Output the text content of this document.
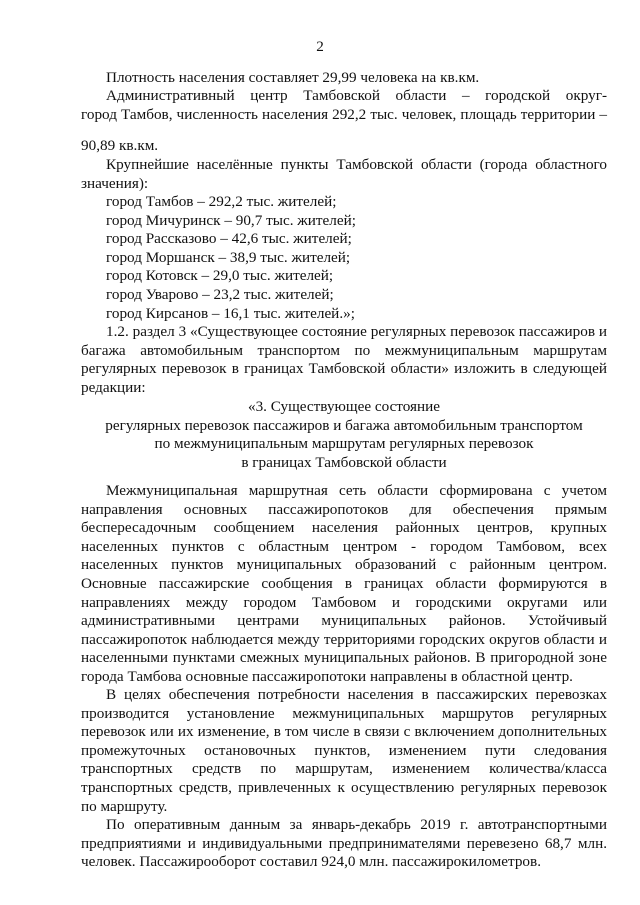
2

Плотность населения составляет 29,99 человека на кв.км.

Административный центр Тамбовской области – городской округ-

город Тамбов, численность населения 292,2 тыс. человек, площадь территории –

90,89 кв.км.

Крупнейшие населённые пункты Тамбовской области (города областного значения):

город Тамбов – 292,2 тыс. жителей;
город Мичуринск – 90,7 тыс. жителей;
город Рассказово – 42,6 тыс. жителей;
город Моршанск – 38,9 тыс. жителей;
город Котовск – 29,0 тыс. жителей;
город Уварово – 23,2 тыс. жителей;
город Кирсанов – 16,1 тыс. жителей.»;

1.2. раздел 3 «Существующее состояние регулярных перевозок пассажиров и багажа автомобильным транспортом по межмуниципальным маршрутам регулярных перевозок в границах Тамбовской области» изложить в следующей редакции:

«3. Существующее состояние
регулярных перевозок пассажиров и багажа автомобильным транспортом
по межмуниципальным маршрутам регулярных перевозок
в границах Тамбовской области

Межмуниципальная маршрутная сеть области сформирована с учетом направления основных пассажиропотоков для обеспечения прямым беспересадочным сообщением населения районных центров, крупных населенных пунктов с областным центром - городом Тамбовом, всех населенных пунктов муниципальных образований с районным центром. Основные пассажирские сообщения в границах области формируются в направлениях между городом Тамбовом и городскими округами или административными центрами муниципальных районов. Устойчивый пассажиропоток наблюдается между территориями городских округов области и населенными пунктами смежных муниципальных районов. В пригородной зоне города Тамбова основные пассажиропотоки направлены в областной центр.

В целях обеспечения потребности населения в пассажирских перевозках производится установление межмуниципальных маршрутов регулярных перевозок или их изменение, в том числе в связи с включением дополнительных промежуточных остановочных пунктов, изменением пути следования транспортных средств по маршрутам, изменением количества/класса транспортных средств, привлеченных к осуществлению регулярных перевозок по маршруту.

По оперативным данным за январь-декабрь 2019 г. автотранспортными предприятиями и индивидуальными предпринимателями перевезено 68,7 млн. человек. Пассажирооборот составил 924,0 млн. пассажирокилометров.
